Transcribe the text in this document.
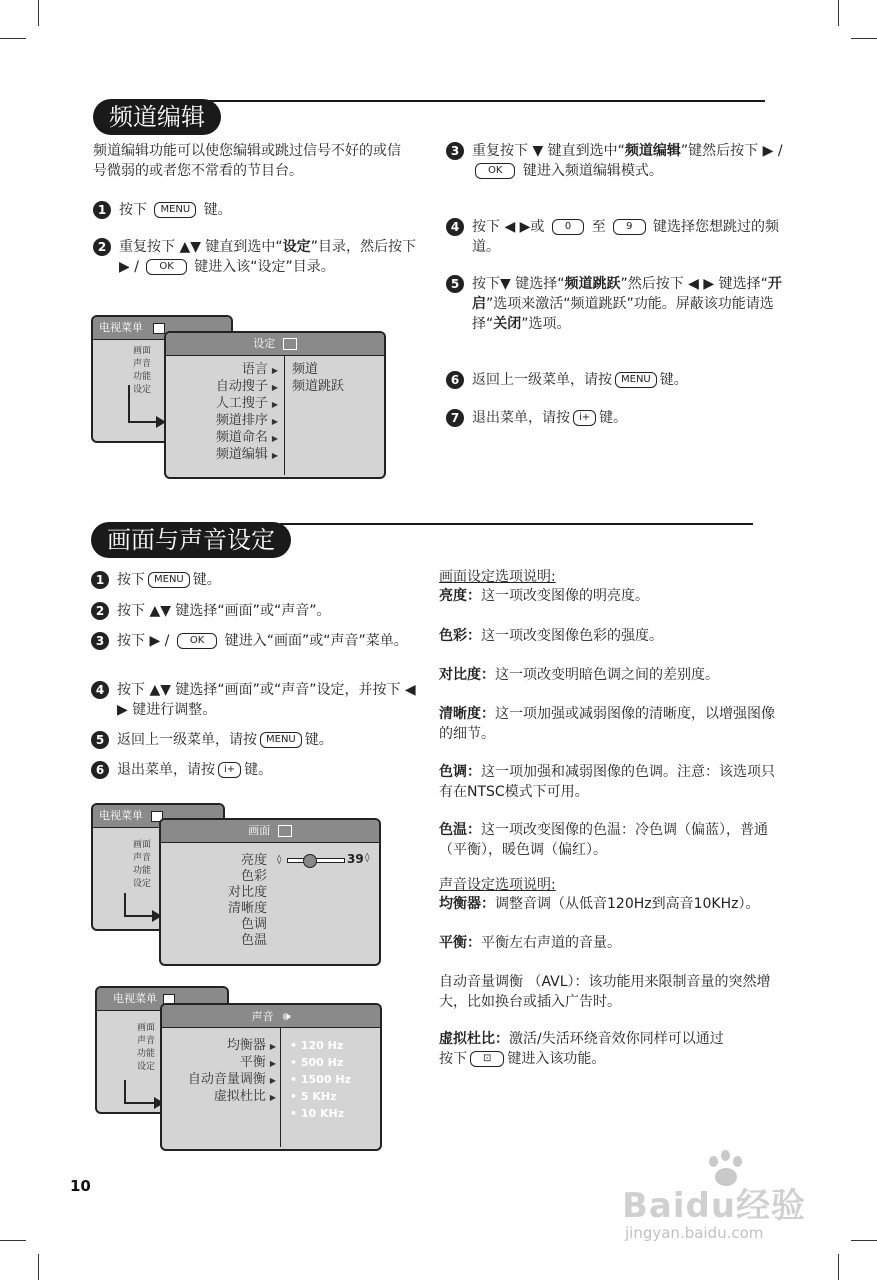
频道编辑
频道编辑功能可以使您编辑或跳过信号不好的或信号微弱的或者您不常看的节目台。
1 按下 MENU 键。
2 重复按下 ▲▼ 键直到选中“设定”目录，然后按下 ▶ / OK 键进入该“设定”目录。
电视菜单
画面
声音
功能
设定
设定
语言 ▶
自动搜子 ▶
人工搜子 ▶
频道排序 ▶
频道命名 ▶
频道编辑 ▶
频道
频道跳跃
3 重复按下 ▼ 键直到选中“频道编辑”键然后按下 ▶ / OK 键进入频道编辑模式。
4 按下 ◀ ▶或 0 至 9 键选择您想跳过的频道。
5 按下▼ 键选择“频道跳跃”然后按下 ◀ ▶ 键选择“开启”选项来激活“频道跳跃”功能。屏蔽该功能请选择“关闭”选项。
6 返回上一级菜单，请按 MENU 键。
7 退出菜单，请按 i+ 键。
画面与声音设定
1 按下 MENU 键。
2 按下 ▲▼ 键选择“画面”或“声音”。
3 按下 ▶ / OK 键进入“画面”或“声音”菜单。
4 按下 ▲▼ 键选择“画面”或“声音”设定，并按下 ◀ ▶ 键进行调整。
5 返回上一级菜单，请按 MENU 键。
6 退出菜单，请按 i+ 键。
电视菜单
画面
声音
功能
设定
画面
亮度
色彩
对比度
清晰度
色调
色温
◊	39 ◊
电视菜单
画面
声音
功能
设定
声音 🕪
均衡器 ▶
平衡 ▶
自动音量调衡 ▶
虚拟杜比 ▶
• 120 Hz
• 500 Hz
• 1500 Hz
• 5 KHz
• 10 KHz
画面设定选项说明:
亮度：这一项改变图像的明亮度。
色彩：这一项改变图像色彩的强度。
对比度：这一项改变明暗色调之间的差别度。
清晰度：这一项加强或减弱图像的清晰度，以增强图像的细节。
色调：这一项加强和减弱图像的色调。注意：该选项只有在NTSC模式下可用。
色温：这一项改变图像的色温：冷色调（偏蓝），普通（平衡），暖色调（偏红）。
声音设定选项说明:
均衡器：调整音调（从低音120Hz到高音10KHz）。
平衡：平衡左右声道的音量。
自动音量调衡 （AVL）：该功能用来限制音量的突然增大，比如换台或插入广告时。
虚拟杜比：激活/失活环绕音效你同样可以通过按下 ⊡ 键进入该功能。
10	Baidu经验
jingyan.baidu.com
